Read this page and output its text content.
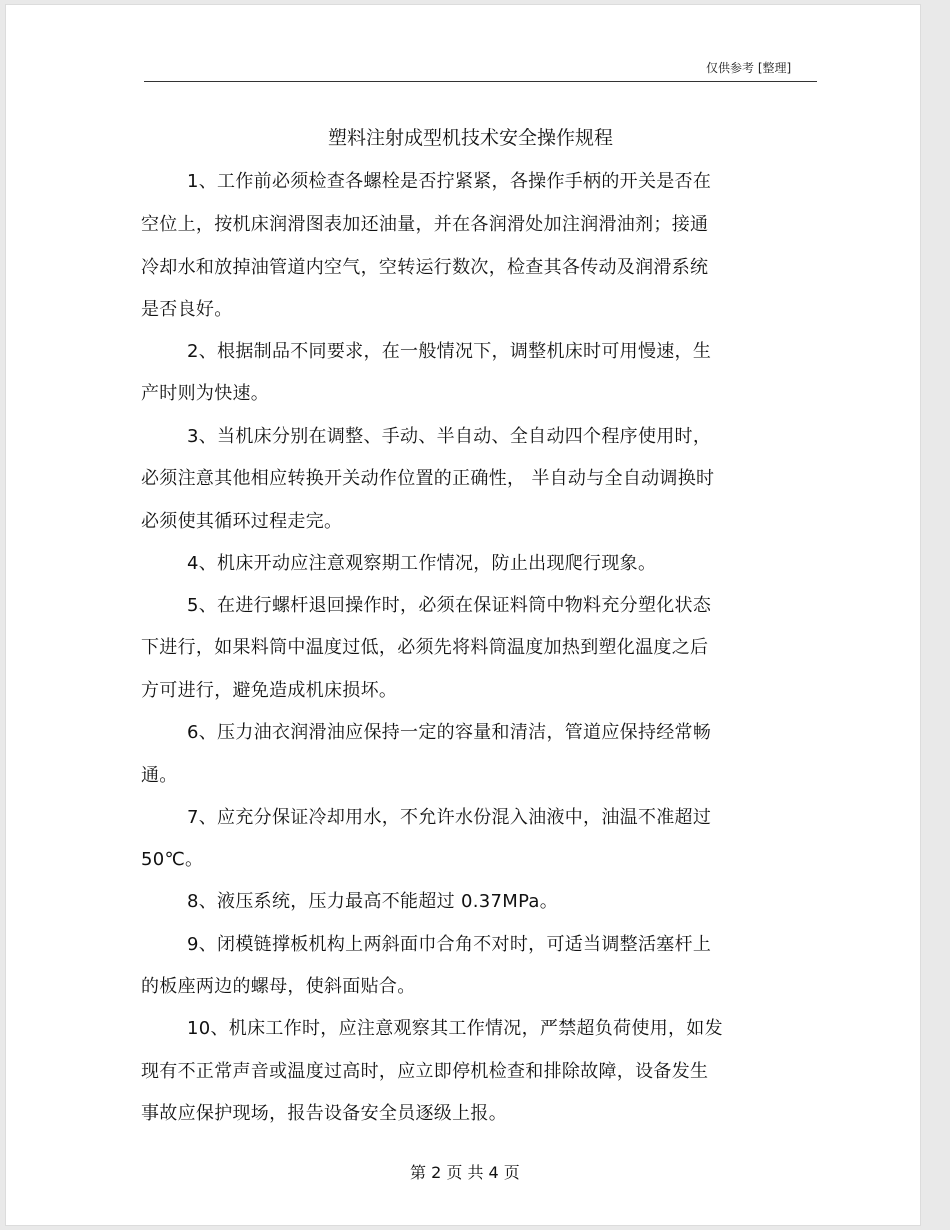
仅供参考 [整理]
塑料注射成型机技术安全操作规程
1、工作前必须检查各螺栓是否拧紧紧，各操作手柄的开关是否在
空位上，按机床润滑图表加还油量，并在各润滑处加注润滑油剂；接通
冷却水和放掉油管道内空气，空转运行数次，检查其各传动及润滑系统
是否良好。
2、根据制品不同要求，在一般情况下，调整机床时可用慢速，生
产时则为快速。
3、当机床分别在调整、手动、半自动、全自动四个程序使用时，
必须注意其他相应转换开关动作位置的正确性， 半自动与全自动调换时
必须使其循环过程走完。
4、机床开动应注意观察期工作情况，防止出现爬行现象。
5、在进行螺杆退回操作时，必须在保证料筒中物料充分塑化状态
下进行，如果料筒中温度过低，必须先将料筒温度加热到塑化温度之后
方可进行，避免造成机床损坏。
6、压力油衣润滑油应保持一定的容量和清洁，管道应保持经常畅
通。
7、应充分保证冷却用水，不允许水份混入油液中，油温不准超过
50℃。
8、液压系统，压力最高不能超过 0.37MPa。
9、闭模链撑板机构上两斜面巾合角不对时，可适当调整活塞杆上
的板座两边的螺母，使斜面贴合。
10、机床工作时，应注意观察其工作情况，严禁超负荷使用，如发
现有不正常声音或温度过高时，应立即停机检查和排除故障，设备发生
事故应保护现场，报告设备安全员逐级上报。
第 2 页 共 4 页
